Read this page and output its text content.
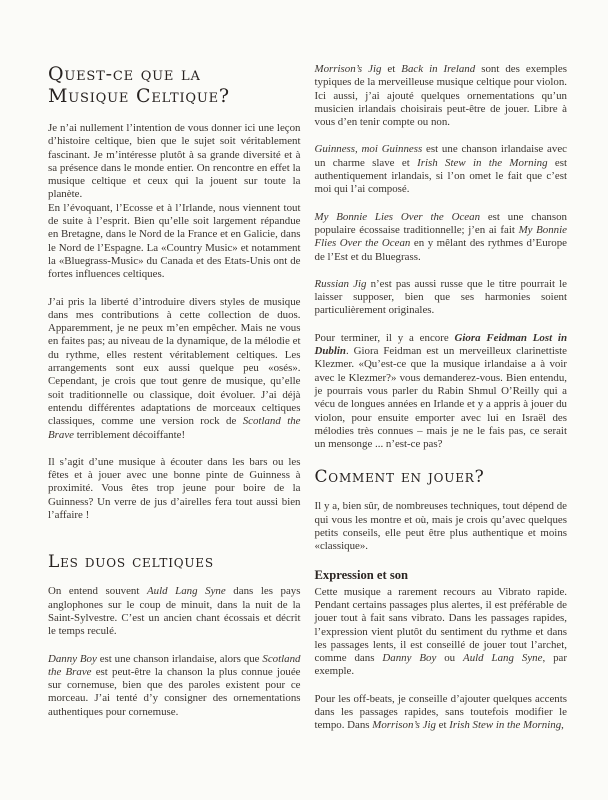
Quest-ce que la
Musique Celtique?

Je n’ai nullement l’intention de vous donner ici une leçon d’histoire celtique, bien que le sujet soit véritablement fascinant. Je m’intéresse plutôt à sa grande diversité et à sa présence dans le monde entier. On rencontre en effet la musique celtique et ceux qui la jouent sur toute la planète.

En l’évoquant, l’Ecosse et à l’Irlande, nous viennent tout de suite à l’esprit. Bien qu’elle soit largement répandue en Bretagne, dans le Nord de la France et en Galicie, dans le Nord de l’Espagne. La «Country Music» et notamment la «Bluegrass-Music» du Canada et des Etats-Unis ont de fortes influences celtiques.

J’ai pris la liberté d’introduire divers styles de musique dans mes contributions à cette collection de duos. Apparemment, je ne peux m’en empêcher. Mais ne vous en faites pas; au niveau de la dynamique, de la mélodie et du rythme, elles restent véritablement celtiques. Les arrangements sont eux aussi quelque peu «osés». Cependant, je crois que tout genre de musique, qu’elle soit traditionnelle ou classique, doit évoluer. J’ai déjà entendu différentes adaptations de morceaux celtiques classiques, comme une version rock de Scotland the Brave terriblement décoiffante!

Il s’agit d’une musique à écouter dans les bars ou les fêtes et à jouer avec une bonne pinte de Guinness à proximité. Vous êtes trop jeune pour boire de la Guinness? Un verre de jus d’airelles fera tout aussi bien l’affaire !

Les duos celtiques

On entend souvent Auld Lang Syne dans les pays anglophones sur le coup de minuit, dans la nuit de la Saint-Sylvestre. C’est un ancien chant écossais et décrit le temps reculé.

Danny Boy est une chanson irlandaise, alors que Scotland the Brave est peut-être la chanson la plus connue jouée sur cornemuse, bien que des paroles existent pour ce morceau. J’ai tenté d’y consigner des ornementations authentiques pour cornemuse.

Morrison’s Jig et Back in Ireland sont des exemples typiques de la merveilleuse musique celtique pour violon. Ici aussi, j’ai ajouté quelques ornementations qu’un musicien irlandais choisirais peut-être de jouer. Libre à vous d’en tenir compte ou non.

Guinness, moi Guinness est une chanson irlandaise avec un charme slave et Irish Stew in the Morning est authentiquement irlandais, si l’on omet le fait que c’est moi qui l’ai composé.

My Bonnie Lies Over the Ocean est une chanson populaire écossaise traditionnelle; j’en ai fait My Bonnie Flies Over the Ocean en y mêlant des rythmes d’Europe de l’Est et du Bluegrass.

Russian Jig n’est pas aussi russe que le titre pourrait le laisser supposer, bien que ses harmonies soient particulièrement originales.

Pour terminer, il y a encore Giora Feidman Lost in Dublin. Giora Feidman est un merveilleux clarinettiste Klezmer. «Qu’est-ce que la musique irlandaise a à voir avec le Klezmer?» vous demanderez-vous. Bien entendu, je pourrais vous parler du Rabin Shmul O’Reilly qui a vécu de longues années en Irlande et y a appris à jouer du violon, pour ensuite emporter avec lui en Israël des mélodies très connues – mais je ne le fais pas, ce serait un mensonge ... n’est-ce pas?

Comment en jouer?

Il y a, bien sûr, de nombreuses techniques, tout dépend de qui vous les montre et où, mais je crois qu’avec quelques petits conseils, elle peut être plus authentique et moins «classique».

Expression et son

Cette musique a rarement recours au Vibrato rapide. Pendant certains passages plus alertes, il est préférable de jouer tout à fait sans vibrato. Dans les passages rapides, l’expression vient plutôt du sentiment du rythme et dans les passages lents, il est conseillé de jouer tout l’archet, comme dans Danny Boy ou Auld Lang Syne, par exemple.

Pour les off-beats, je conseille d’ajouter quelques accents dans les passages rapides, sans toutefois modifier le tempo. Dans Morrison’s Jig et Irish Stew in the Morning,
